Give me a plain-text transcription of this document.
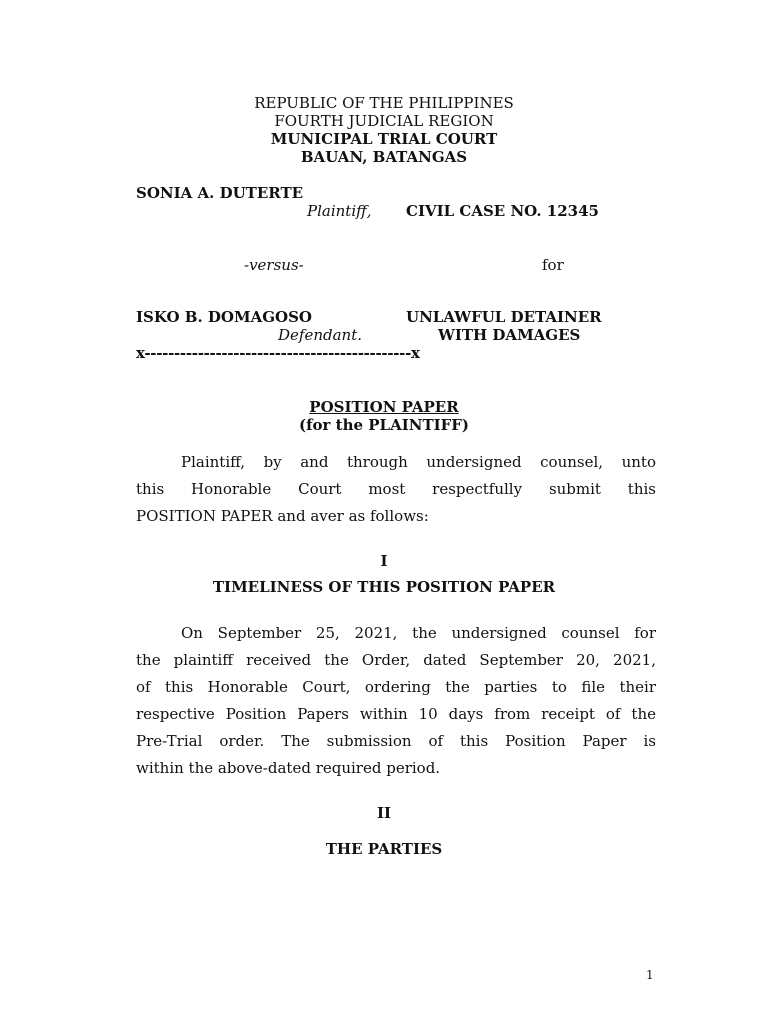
REPUBLIC OF THE PHILIPPINES
FOURTH JUDICIAL REGION
MUNICIPAL TRIAL COURT
BAUAN, BATANGAS
SONIA A. DUTERTE
Plaintiff, CIVIL CASE NO. 12345
-versus-	for
ISKO B. DOMAGOSO	UNLAWFUL DETAINER
Defendant.	WITH DAMAGES
x---------------------------------------------x
POSITION PAPER
(for the PLAINTIFF)
Plaintiff, by and through undersigned counsel, unto
this Honorable Court most respectfully submit this
POSITION PAPER and aver as follows:
I
TIMELINESS OF THIS POSITION PAPER
On September 25, 2021, the undersigned counsel for
the plaintiff received the Order, dated September 20, 2021,
of this Honorable Court, ordering the parties to file their
respective Position Papers within 10 days from receipt of the
Pre-Trial order. The submission of this Position Paper is
within the above-dated required period.
II
THE PARTIES
1
